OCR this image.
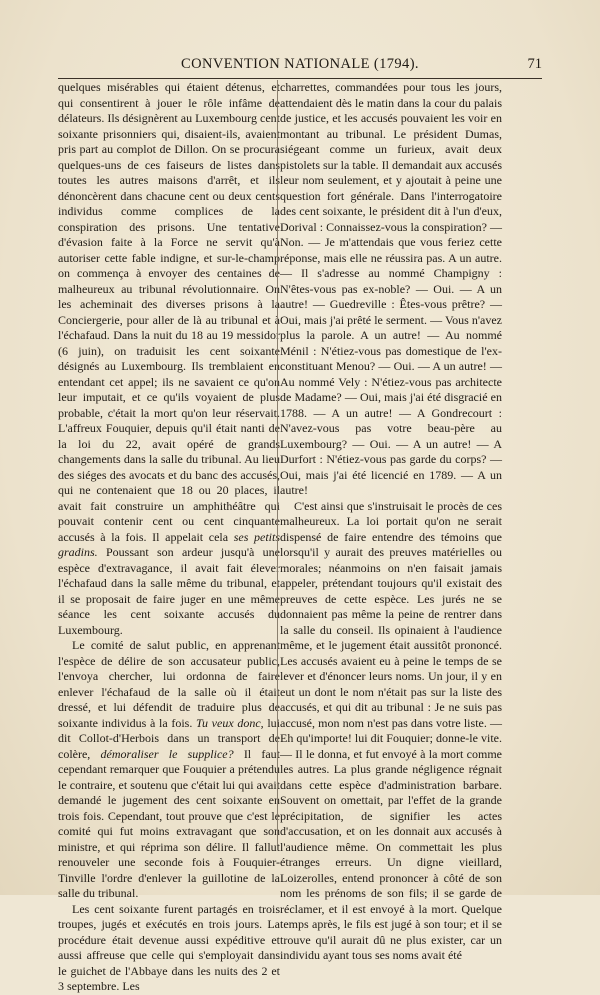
CONVENTION NATIONALE (1794).	71

quelques misérables qui étaient détenus, et qui consentirent à jouer le rôle infâme de délateurs. Ils désignèrent au Luxembourg cent soixante prisonniers qui, disaient-ils, avaient pris part au complot de Dillon. On se procura quelques-uns de ces faiseurs de listes dans toutes les autres maisons d'arrêt, et ils dénoncèrent dans chacune cent ou deux cents individus comme complices de la conspiration des prisons. Une tentative d'évasion faite à la Force ne servit qu'à autoriser cette fable indigne, et sur-le-champ on commença à envoyer des centaines de malheureux au tribunal révolutionnaire. On les acheminait des diverses prisons à la Conciergerie, pour aller de là au tribunal et à l'échafaud. Dans la nuit du 18 au 19 messidor (6 juin), on traduisit les cent soixante désignés au Luxembourg. Ils tremblaient en entendant cet appel; ils ne savaient ce qu'on leur imputait, et ce qu'ils voyaient de plus probable, c'était la mort qu'on leur réservait. L'affreux Fouquier, depuis qu'il était nanti de la loi du 22, avait opéré de grands changements dans la salle du tribunal. Au lieu des siéges des avocats et du banc des accusés, qui ne contenaient que 18 ou 20 places, il avait fait construire un amphithéâtre qui pouvait contenir cent ou cent cinquante accusés à la fois. Il appelait cela ses petits gradins. Poussant son ardeur jusqu'à une espèce d'extravagance, il avait fait élever l'échafaud dans la salle même du tribunal, et il se proposait de faire juger en une même séance les cent soixante accusés du Luxembourg.

Le comité de salut public, en apprenant l'espèce de délire de son accusateur public, l'envoya chercher, lui ordonna de faire enlever l'échafaud de la salle où il était dressé, et lui défendit de traduire plus de soixante individus à la fois. Tu veux donc, lui dit Collot-d'Herbois dans un transport de colère, démoraliser le supplice? Il faut cependant remarquer que Fouquier a prétendu le contraire, et soutenu que c'était lui qui avait demandé le jugement des cent soixante en trois fois. Cependant, tout prouve que c'est le comité qui fut moins extravagant que son ministre, et qui réprima son délire. Il fallut renouveler une seconde fois à Fouquier-Tinville l'ordre d'enlever la guillotine de la salle du tribunal.

Les cent soixante furent partagés en trois troupes, jugés et exécutés en trois jours. La procédure était devenue aussi expéditive et aussi affreuse que celle qui s'employait dans le guichet de l'Abbaye dans les nuits des 2 et 3 septembre. Les

charrettes, commandées pour tous les jours, attendaient dès le matin dans la cour du palais de justice, et les accusés pouvaient les voir en montant au tribunal. Le président Dumas, siégeant comme un furieux, avait deux pistolets sur la table. Il demandait aux accusés leur nom seulement, et y ajoutait à peine une question fort générale. Dans l'interrogatoire des cent soixante, le président dit à l'un d'eux, Dorival : Connaissez-vous la conspiration? — Non. — Je m'attendais que vous feriez cette réponse, mais elle ne réussira pas. A un autre. — Il s'adresse au nommé Champigny : N'êtes-vous pas ex-noble? — Oui. — A un autre! — Guedreville : Êtes-vous prêtre? — Oui, mais j'ai prêté le serment. — Vous n'avez plus la parole. A un autre! — Au nommé Ménil : N'étiez-vous pas domestique de l'ex-constituant Menou? — Oui. — A un autre! — Au nommé Vely : N'étiez-vous pas architecte de Madame? — Oui, mais j'ai été disgracié en 1788. — A un autre! — A Gondrecourt : N'avez-vous pas votre beau-père au Luxembourg? — Oui. — A un autre! — A Durfort : N'étiez-vous pas garde du corps? — Oui, mais j'ai été licencié en 1789. — A un autre!

C'est ainsi que s'instruisait le procès de ces malheureux. La loi portait qu'on ne serait dispensé de faire entendre des témoins que lorsqu'il y aurait des preuves matérielles ou morales; néanmoins on n'en faisait jamais appeler, prétendant toujours qu'il existait des preuves de cette espèce. Les jurés ne se donnaient pas même la peine de rentrer dans la salle du conseil. Ils opinaient à l'audience même, et le jugement était aussitôt prononcé. Les accusés avaient eu à peine le temps de se lever et d'énoncer leurs noms. Un jour, il y en eut un dont le nom n'était pas sur la liste des accusés, et qui dit au tribunal : Je ne suis pas accusé, mon nom n'est pas dans votre liste. — Eh qu'importe! lui dit Fouquier; donne-le vite. — Il le donna, et fut envoyé à la mort comme les autres. La plus grande négligence régnait dans cette espèce d'administration barbare. Souvent on omettait, par l'effet de la grande précipitation, de signifier les actes d'accusation, et on les donnait aux accusés à l'audience même. On commettait les plus étranges erreurs. Un digne vieillard, Loizerolles, entend prononcer à côté de son nom les prénoms de son fils; il se garde de réclamer, et il est envoyé à la mort. Quelque temps après, le fils est jugé à son tour; et il se trouve qu'il aurait dû ne plus exister, car un individu ayant tous ses noms avait été
